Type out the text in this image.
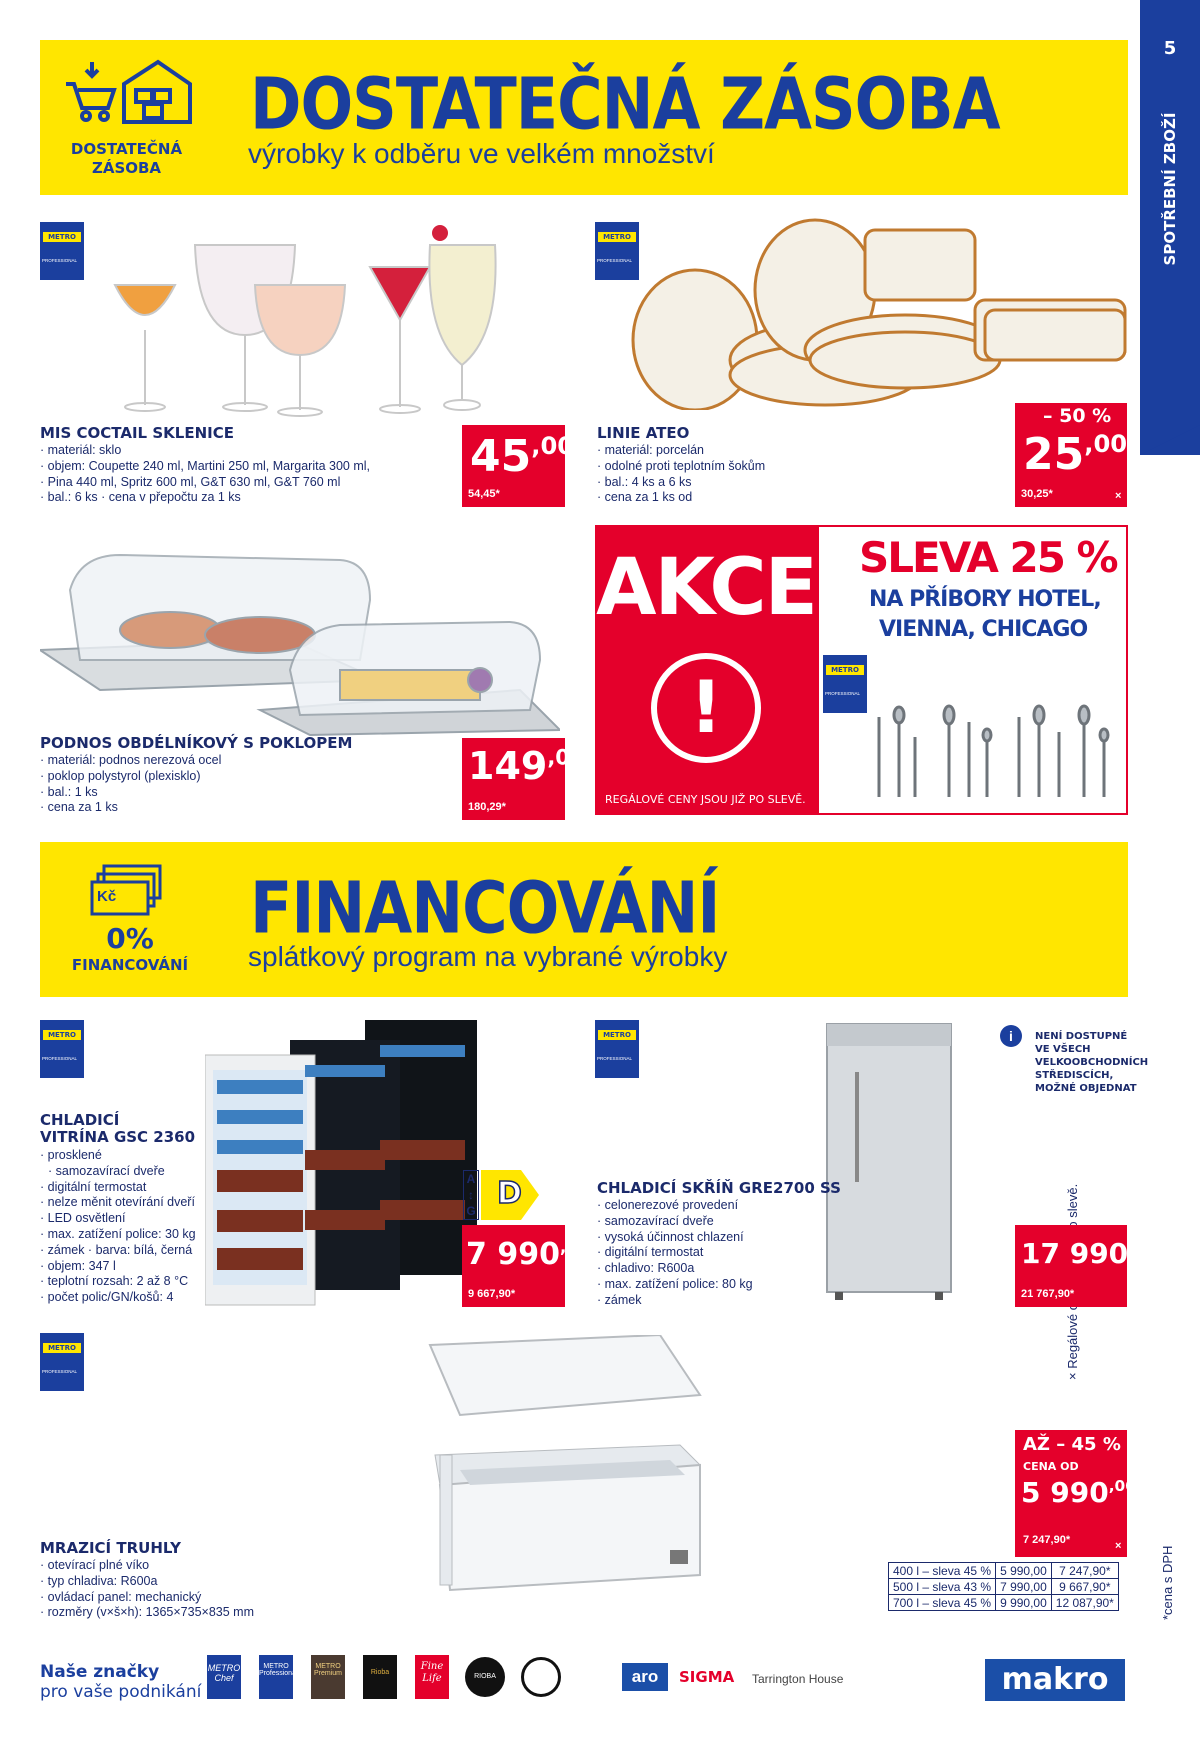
5
SPOTŘEBNÍ ZBOŽÍ
*cena s DPH
DOSTATEČNÁ
ZÁSOBA
DOSTATEČNÁ ZÁSOBA
výrobky k odběru ve velkém množství
METRO
PROFESSIONAL
MIS COCTAIL SKLENICE
· materiál: sklo
· objem: Coupette 240 ml, Martini 250 ml, Margarita 300 ml,
· Pina 440 ml, Spritz 600 ml, G&T 630 ml, G&T 760 ml
· bal.: 6 ks · cena v přepočtu za 1 ks
$45^{,00}$
54,45*
METRO
PROFESSIONAL
LINIE ATEO
· materiál: porcelán
· odolné proti teplotním šokům
· bal.: 4 ks a 6 ks
· cena za 1 ks od
– 50 %
$25^{,00}$
30,25*	×
PODNOS OBDÉLNÍKOVÝ S POKLOPEM
· materiál: podnos nerezová ocel
· poklop polystyrol (plexisklo)
· bal.: 1 ks
· cena za 1 ks
$149^{,00}$
180,29*
AKCE
!
REGÁLOVÉ CENY JSOU JIŽ PO SLEVĚ.
SLEVA 25 %
NA PŘÍBORY HOTEL,
VIENNA, CHICAGO
METRO
PROFESSIONAL
Kč
0%
FINANCOVÁNÍ
FINANCOVÁNÍ
splátkový program na vybrané výrobky
METRO
PROFESSIONAL
CHLADICÍ
VITRÍNA GSC 2360
· prosklené
· samozavírací dveře
· digitální termostat
· nelze měnit otevírání dveří
· LED osvětlení
· max. zatížení police: 30 kg
· zámek · barva: bílá, černá
· objem: 347 l
· teplotní rozsah: 2 až 8 °C
· počet polic/GN/košů: 4
A
↕
G D
7 $990^{,00}$
9 667,90*
METRO
PROFESSIONAL
CHLADICÍ SKŘÍŇ GRE2700 SS
· celonerezové provedení
· samozavírací dveře
· vysoká účinnost chlazení
· digitální termostat
· chladivo: R600a
· max. zatížení police: 80 kg
· zámek
i	NENÍ DOSTUPNÉ
VE VŠECH
VELKOOBCHODNÍCH
STŘEDISCÍCH,
MOŽNÉ OBJEDNAT
17 $990^{,00}$
21 767,90*
METRO
PROFESSIONAL
MRAZICÍ TRUHLY
· otevírací plné víko
· typ chladiva: R600a
· ovládací panel: mechanický
· rozměry (v×š×h): 1365×735×835 mm
AŽ – 45 %
CENA OD
5 $990^{,00}$
7 247,90*	×
400 l – sleva 45 %	5 990,00	7 247,90*
500 l – sleva 43 %	7 990,00	9 667,90*
700 l – sleva 45 %	9 990,00	12 087,90*
Naše značky
pro vaše podnikání
METRO Chef
METRO Professional
METRO Premium	Rioba
Fine Life	RIOBA	aro	SIGMA	Tarrington House	makro
